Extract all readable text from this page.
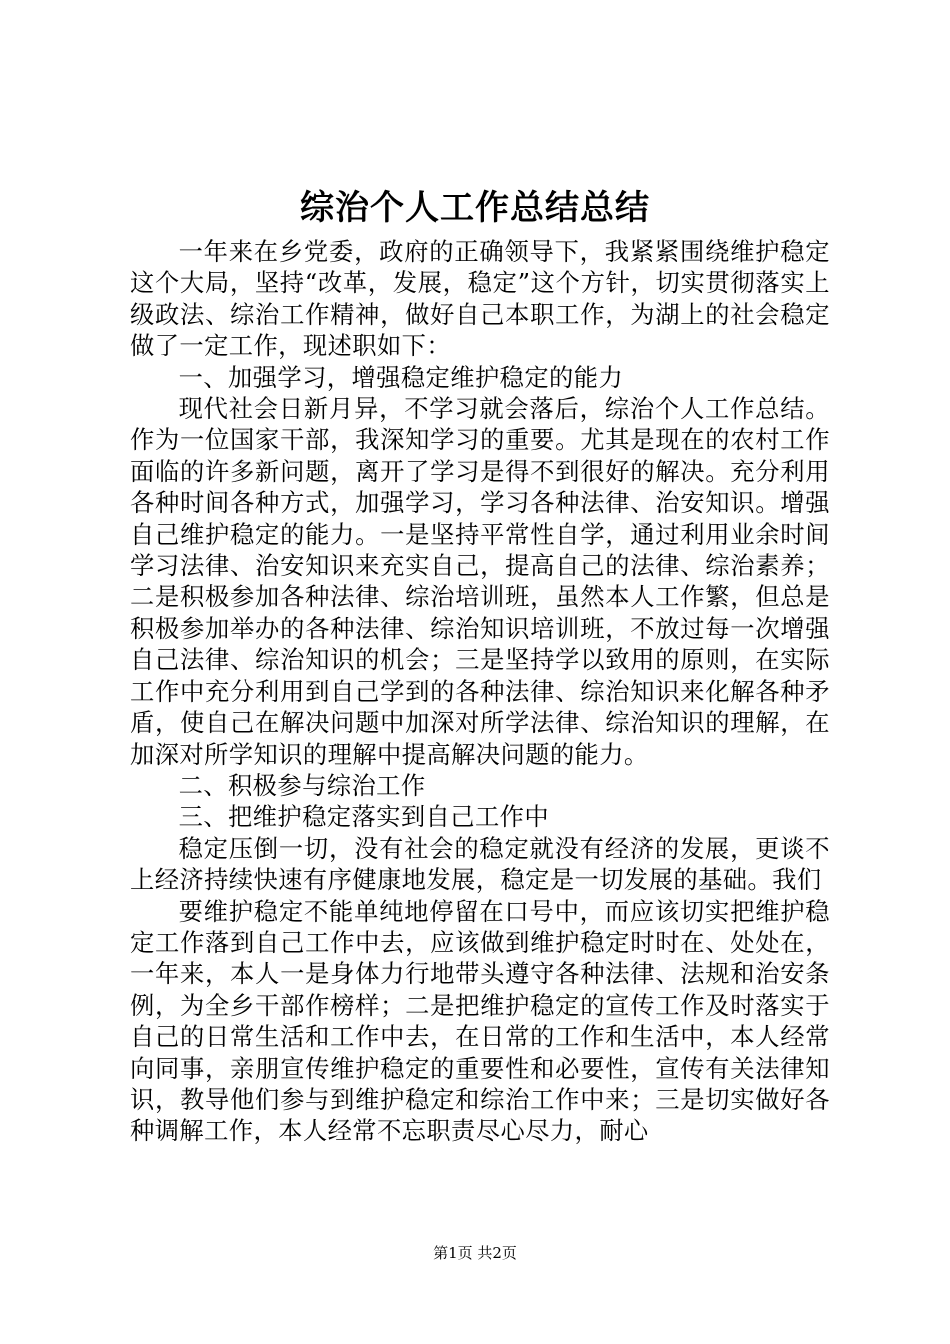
综治个人工作总结总结

一年来在乡党委，政府的正确领导下，我紧紧围绕维护稳定这个大局，坚持“改革，发展，稳定”这个方针，切实贯彻落实上级政法、综治工作精神，做好自己本职工作，为湖上的社会稳定做了一定工作，现述职如下：

一、加强学习，增强稳定维护稳定的能力

现代社会日新月异，不学习就会落后，综治个人工作总结。作为一位国家干部，我深知学习的重要。尤其是现在的农村工作面临的许多新问题，离开了学习是得不到很好的解决。充分利用各种时间各种方式，加强学习，学习各种法律、治安知识。增强自己维护稳定的能力。一是坚持平常性自学，通过利用业余时间学习法律、治安知识来充实自己，提高自己的法律、综治素养；二是积极参加各种法律、综治培训班，虽然本人工作繁，但总是积极参加举办的各种法律、综治知识培训班，不放过每一次增强自己法律、综治知识的机会；三是坚持学以致用的原则，在实际工作中充分利用到自己学到的各种法律、综治知识来化解各种矛盾，使自己在解决问题中加深对所学法律、综治知识的理解，在加深对所学知识的理解中提高解决问题的能力。

二、积极参与综治工作

三、把维护稳定落实到自己工作中

稳定压倒一切，没有社会的稳定就没有经济的发展，更谈不上经济持续快速有序健康地发展，稳定是一切发展的基础。我们

要维护稳定不能单纯地停留在口号中，而应该切实把维护稳定工作落到自己工作中去，应该做到维护稳定时时在、处处在，一年来，本人一是身体力行地带头遵守各种法律、法规和治安条例，为全乡干部作榜样；二是把维护稳定的宣传工作及时落实于自己的日常生活和工作中去，在日常的工作和生活中，本人经常向同事，亲朋宣传维护稳定的重要性和必要性，宣传有关法律知识，教导他们参与到维护稳定和综治工作中来；三是切实做好各种调解工作，本人经常不忘职责尽心尽力，耐心

第1页 共2页
